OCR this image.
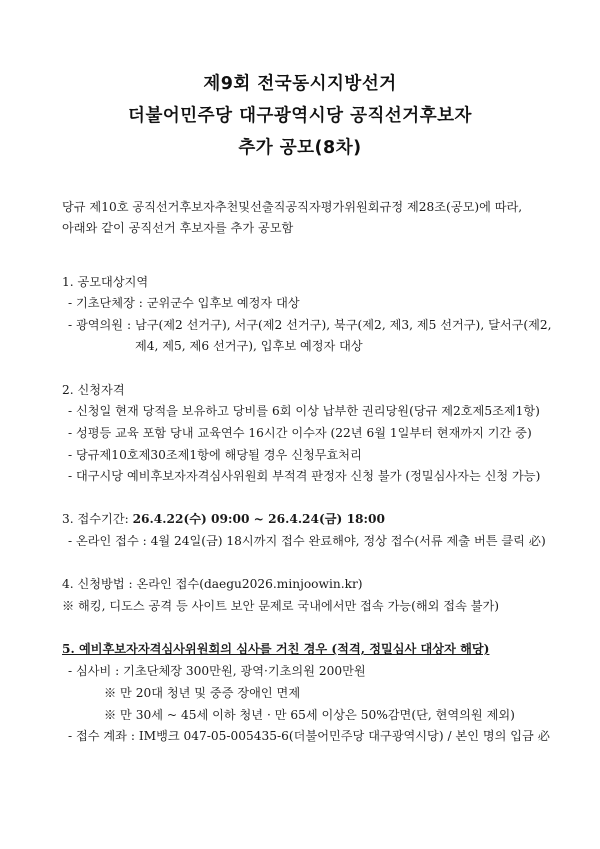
제9회 전국동시지방선거
더불어민주당 대구광역시당 공직선거후보자
추가 공모(8차)
당규 제10호 공직선거후보자추천및선출직공직자평가위원회규정 제28조(공모)에 따라,
아래와 같이 공직선거 후보자를 추가 공모함
1. 공모대상지역
- 기초단체장 : 군위군수 입후보 예정자 대상
- 광역의원 : 남구(제2 선거구), 서구(제2 선거구), 북구(제2, 제3, 제5 선거구), 달서구(제2,
제4, 제5, 제6 선거구), 입후보 예정자 대상
2. 신청자격
- 신청일 현재 당적을 보유하고 당비를 6회 이상 납부한 권리당원(당규 제2호제5조제1항)
- 성평등 교육 포함 당내 교육연수 16시간 이수자 (22년 6월 1일부터 현재까지 기간 중)
- 당규제10호제30조제1항에 해당될 경우 신청무효처리
- 대구시당 예비후보자자격심사위원회 부적격 판정자 신청 불가 (정밀심사자는 신청 가능)
3. 접수기간: 26.4.22(수) 09:00 ~ 26.4.24(금) 18:00
- 온라인 접수 : 4월 24일(금) 18시까지 접수 완료해야, 정상 접수(서류 제출 버튼 클릭 必)
4. 신청방법 : 온라인 접수(daegu2026.minjoowin.kr)
※ 해킹, 디도스 공격 등 사이트 보안 문제로 국내에서만 접속 가능(해외 접속 불가)
5. 예비후보자자격심사위원회의 심사를 거친 경우 (적격, 정밀심사 대상자 해당)
- 심사비 : 기초단체장 300만원, 광역·기초의원 200만원
※ 만 20대 청년 및 중증 장애인 면제
※ 만 30세 ~ 45세 이하 청년 · 만 65세 이상은 50%감면(단, 현역의원 제외)
- 접수 계좌 : IM뱅크 047-05-005435-6(더불어민주당 대구광역시당) / 본인 명의 입금 必
